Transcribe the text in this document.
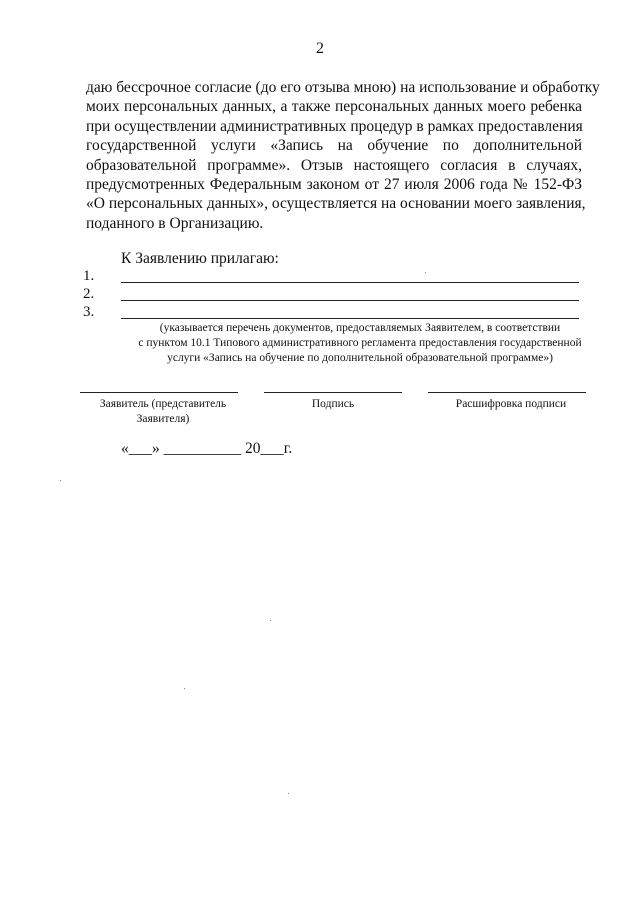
2
даю бессрочное согласие (до его отзыва мною) на использование и обработку
моих персональных данных, а также персональных данных моего ребенка
при осуществлении административных процедур в рамках предоставления
государственной услуги «Запись на обучение по дополнительной
образовательной программе». Отзыв настоящего согласия в случаях,
предусмотренных Федеральным законом от 27 июля 2006 года № 152-ФЗ
«О персональных данных», осуществляется на основании моего заявления,
поданного в Организацию.
К Заявлению прилагаю:
1.
2.
3.
(указывается перечень документов, предоставляемых Заявителем, в соответствии
с пунктом 10.1 Типового административного регламента предоставления государственной
услуги «Запись на обучение по дополнительной образовательной программе»)
Заявитель (представитель
Заявителя)
Подпись	Расшифровка подписи
«___» __________ 20___г.
